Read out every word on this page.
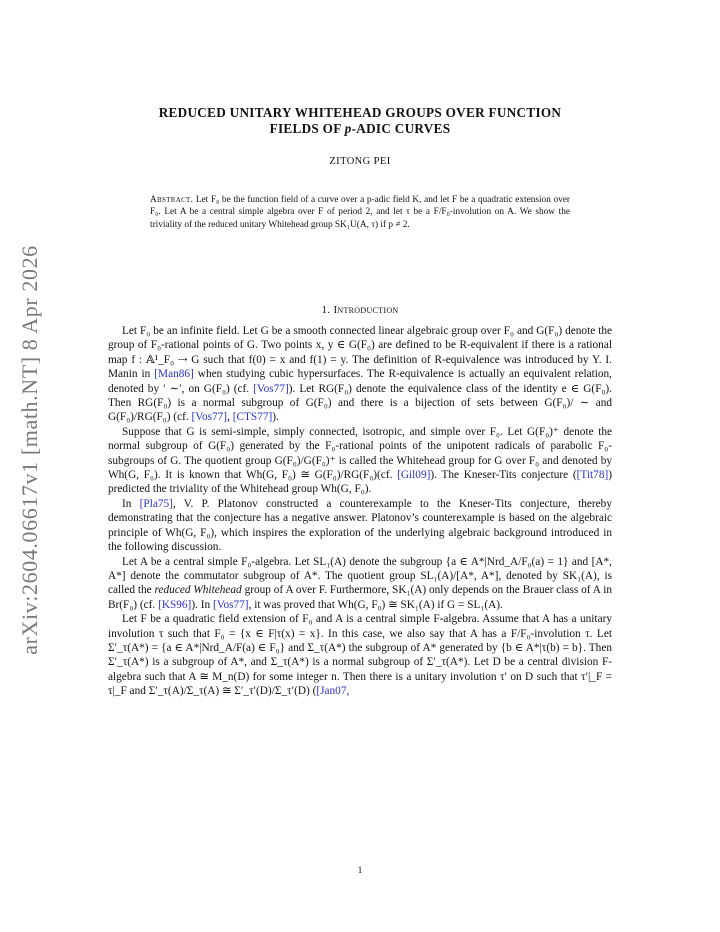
arXiv:2604.06617v1 [math.NT] 8 Apr 2026
REDUCED UNITARY WHITEHEAD GROUPS OVER FUNCTION
FIELDS OF p-ADIC CURVES
ZITONG PEI
Abstract. Let F₀ be the function field of a curve over a p-adic field K, and let F be a quadratic extension over F₀. Let A be a central simple algebra over F of period 2, and let τ be a F/F₀-involution on A. We show the triviality of the reduced unitary Whitehead group SK₁U(A, τ) if p ≠ 2.
1. Introduction

Let F₀ be an infinite field. Let G be a smooth connected linear algebraic group over F₀ and G(F₀) denote the group of F₀-rational points of G. Two points x, y ∈ G(F₀) are defined to be R-equivalent if there is a rational map f : 𝔸¹_F₀ ⇢ G such that f(0) = x and f(1) = y. The definition of R-equivalence was introduced by Y. I. Manin in [Man86] when studying cubic hypersurfaces. The R-equivalence is actually an equivalent relation, denoted by ′ ∼′, on G(F₀) (cf. [Vos77]). Let RG(F₀) denote the equivalence class of the identity e ∈ G(F₀). Then RG(F₀) is a normal subgroup of G(F₀) and there is a bijection of sets between G(F₀)/ ∼ and G(F₀)/RG(F₀) (cf. [Vos77], [CTS77]).

Suppose that G is semi-simple, simply connected, isotropic, and simple over F₀. Let G(F₀)⁺ denote the normal subgroup of G(F₀) generated by the F₀-rational points of the unipotent radicals of parabolic F₀-subgroups of G. The quotient group G(F₀)/G(F₀)⁺ is called the Whitehead group for G over F₀ and denoted by Wh(G, F₀). It is known that Wh(G, F₀) ≅ G(F₀)/RG(F₀)(cf. [Gil09]). The Kneser-Tits conjecture ([Tit78]) predicted the triviality of the Whitehead group Wh(G, F₀).

In [Pla75], V. P. Platonov constructed a counterexample to the Kneser-Tits conjecture, thereby demonstrating that the conjecture has a negative answer. Platonov’s counterexample is based on the algebraic principle of Wh(G, F₀), which inspires the exploration of the underlying algebraic background introduced in the following discussion.

Let A be a central simple F₀-algebra. Let SL₁(A) denote the subgroup {a ∈ A*|Nrd_A/F₀(a) = 1} and [A*, A*] denote the commutator subgroup of A*. The quotient group SL₁(A)/[A*, A*], denoted by SK₁(A), is called the reduced Whitehead group of A over F. Furthermore, SK₁(A) only depends on the Brauer class of A in Br(F₀) (cf. [KS96]). In [Vos77], it was proved that Wh(G, F₀) ≅ SK₁(A) if G = SL₁(A).

Let F be a quadratic field extension of F₀ and A is a central simple F-algebra. Assume that A has a unitary involution τ such that F₀ = {x ∈ F|τ(x) = x}. In this case, we also say that A has a F/F₀-involution τ. Let Σ′_τ(A*) = {a ∈ A*|Nrd_A/F(a) ∈ F₀} and Σ_τ(A*) the subgroup of A* generated by {b ∈ A*|τ(b) = b}. Then Σ′_τ(A*) is a subgroup of A*, and Σ_τ(A*) is a normal subgroup of Σ′_τ(A*). Let D be a central division F-algebra such that A ≅ M_n(D) for some integer n. Then there is a unitary involution τ′ on D such that τ′|_F = τ|_F and Σ′_τ(A)/Σ_τ(A) ≅ Σ′_τ′(D)/Σ_τ′(D) ([Jan07,

1
